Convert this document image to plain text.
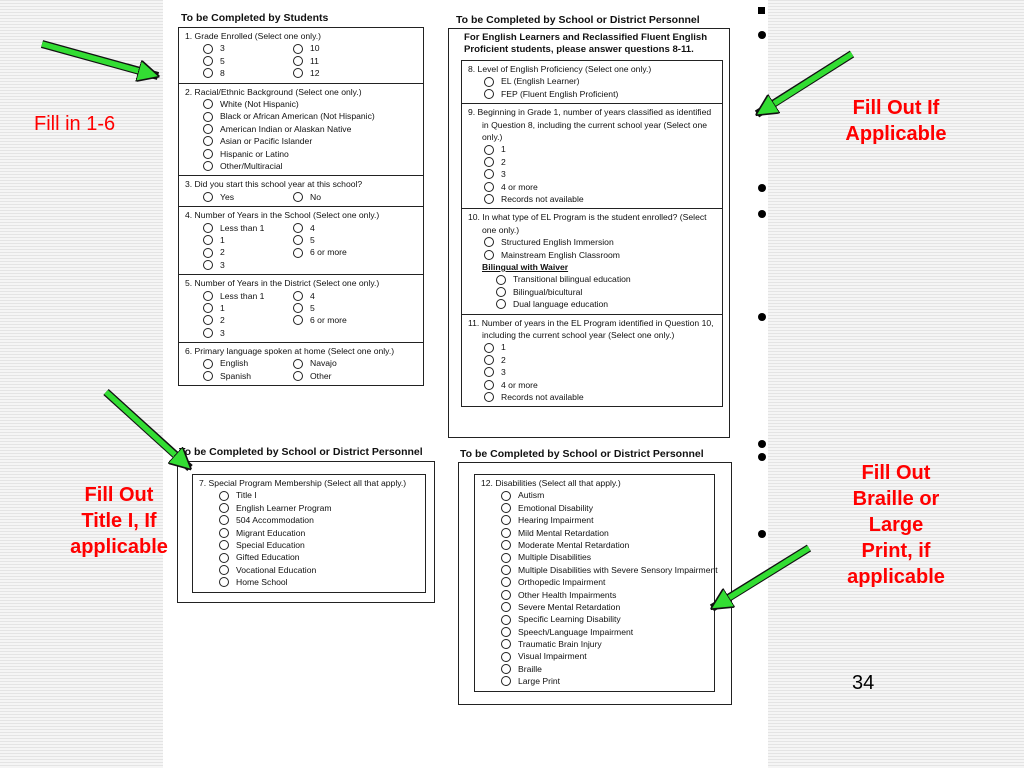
To be Completed by Students
1. Grade Enrolled (Select one only.)
3	10
5	11
8	12
2. Racial/Ethnic Background (Select one only.)
White (Not Hispanic)
Black or African American (Not Hispanic)
American Indian or Alaskan Native
Asian or Pacific Islander
Hispanic or Latino
Other/Multiracial
3. Did you start this school year at this school?
Yes	No
4. Number of Years in the School (Select one only.)
Less than 1	4
1	5
2	6 or more
3
5. Number of Years in the District (Select one only.)
Less than 1	4
1	5
2	6 or more
3
6. Primary language spoken at home (Select one only.)
English	Navajo
Spanish	Other
To be Completed by School or District Personnel
For English Learners and Reclassified Fluent English Proficient students, please answer questions 8-11.
8. Level of English Proficiency (Select one only.)
EL (English Learner)
FEP (Fluent English Proficient)
9. Beginning in Grade 1, number of years classified as identified in Question 8, including the current school year (Select one only.)
1
2
3
4 or more
Records not available
10. In what type of EL Program is the student enrolled? (Select one only.)
Structured English Immersion
Mainstream English Classroom
Bilingual with Waiver
Transitional bilingual education
Bilingual/bicultural
Dual language education
11. Number of years in the EL Program identified in Question 10, including the current school year (Select one only.)
1
2
3
4 or more
Records not available
To be Completed by School or District Personnel
7. Special Program Membership (Select all that apply.)
Title I
English Learner Program
504 Accommodation
Migrant Education
Special Education
Gifted Education
Vocational Education
Home School
To be Completed by School or District Personnel
12. Disabilities (Select all that apply.)
Autism
Emotional Disability
Hearing Impairment
Mild Mental Retardation
Moderate Mental Retardation
Multiple Disabilities
Multiple Disabilities with Severe Sensory Impairment
Orthopedic Impairment
Other Health Impairments
Severe Mental Retardation
Specific Learning Disability
Speech/Language Impairment
Traumatic Brain Injury
Visual Impairment
Braille
Large Print
Fill in 1-6
Fill Out If
Applicable
Fill Out
Title I, If
applicable
Fill Out
Braille or
Large
Print, if
applicable
34
